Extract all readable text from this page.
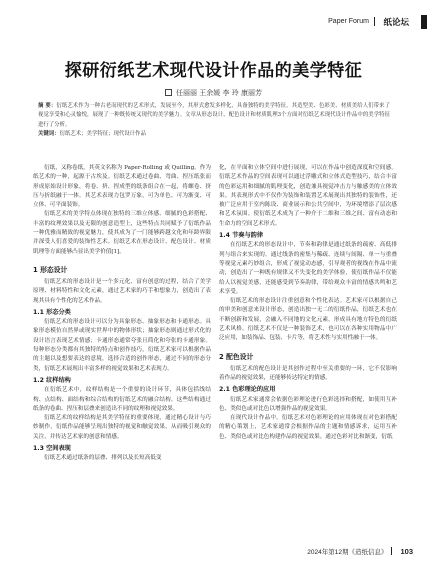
Paper Forum 纸论坛
探研衍纸艺术现代设计作品的美学特征
任丽丽 王余媛 李 玲 康丽芳

摘 要：衍纸艺术作为一种古老而现代的艺术形式，发展至今，其形式愈发多样化，具备独特的美学特征。其造型美、色彩美、材质美给人们带来了视觉享受和心灵愉悦，展现了一种既传统又现代的美学魅力。文章从形态设计、配色设计和材质肌理3个方面对衍纸艺术现代设计作品中的美学特征进行了分析。

关键词：衍纸艺术；美学特征；现代设计作品

衍纸，又称卷纸，其英文名称为 Paper-Rolling 或 Quilling。作为纸艺术的一种，起源于古埃及。衍纸艺术通过卷曲、弯曲、捏压纸张而形成原始设计形象，将卷、挤、捏成型的纸条组合在一起，将螺卷、挤压与折纸融于一体。其艺术表现力包罗万象，可为单色、可为渐变、可立体、可平面装饰。

衍纸艺术的美学特点体现在独特的三维立体感、细腻的色彩搭配、丰富的纹理效果以及无限的创意造型上，这些特点共同赋予了衍纸作品一种优雅而精致的视觉魅力，使其成为了一门能够跨越文化和年龄界限并深受人们喜爱的装饰性艺术。衍纸艺术在形态设计、配色设计、材质肌理等方面能够凸显出美学价值[1]。

1 形态设计

衍纸艺术的形态设计是一个多元化、富有创意的过程，结合了美学原理、材料特性和文化元素，通过艺术家的巧手和想象力，创造出了表现其具有个性化的艺术作品。

1.1 形态分类

衍纸艺术的形态设计可以分为具象形态、抽象形态和卡通形态。具象形态模仿自然界或现实世界中的物体形状；抽象形态则通过形式化的设计语言表现艺术情感；卡通形态通常夸张且简化和夸张的卡通形象。每种形态分类都有其独特的特点和创作技巧，衍纸艺术家可以根据作品的主题以及想要表达的意境，选择合适的创作形态，通过不同的形态分类，衍纸艺术展现出丰富多样的视觉效果和艺术表现力。

1.2 纹样结构

在衍纸艺术中，纹样结构是一个重要的设计环节，具体包括线结构、点结构、面结构和综合结构的衍纸艺术的融合结构。这些结构通过纸条的卷曲、捏压和层叠来创造出不同的纹理和视觉效果。

衍纸艺术的纹样结构是其美学特征的重要体现，通过精心设计与巧妙制作，衍纸作品能够呈现出独特的视觉和触觉效果，从而吸引观众的关注，并传达艺术家的创意和情感。

1.3 空间表现

衍纸艺术通过纸条的层叠、排列以及长短高低变

化，在平面和立体空间中进行展现，可以在作品中创造深度和空间感。衍纸艺术作品的空间表现可以通过浮雕式和立体式造型技巧，结合丰富的色彩运用和细腻的肌理变化，创造兼具视觉冲击力与触感美的立体效果。其表现形式中不仅作为装饰和装置艺术展现出其独特的装饰性，还被广泛应用于室内陈设、商业展示和公共空间中，为环境增添了层次感和艺术氛围。使衍纸艺术成为了一种介于二维和三维之间、富有动态和生命力的空间艺术形式。

1.4 节奏与韵律

在衍纸艺术的形态设计中，节奏和韵律是通过纸条的疏密、高低排列与组合来实现的。通过线条的密集与稀疏、连续与间隔、单一与重叠等视觉元素巧妙组合，形成了视觉动态感，引导观者的视线在作品中流动，创造出了一种既有规律又不失变化的美学体验，使衍纸作品不仅能给人以视觉美感，还能感受到节奏韵律，带给观众丰富的情感共鸣和艺术享受。

衍纸艺术的形态设计注重创意和个性化表达。艺术家可以根据自己的审美和创意来设计形态，创造出独一无二的衍纸作品，衍纸艺术也在不断创新和发展，会融入不同地的文化元素，形成具有地方特色的衍纸艺术风格。衍纸艺术不仅是一种装饰艺术，也可以在各种实用物品中广泛应用，如装饰品、包装、卡片等，将艺术性与实用性融于一体。

2 配色设计

衍纸艺术的配色设计是其创作过程中至关重要的一环，它不仅影响着作品的视觉效果，还能够传达特定的情感。

2.1 色彩理论的应用

衍纸艺术家通常会依据色彩理论进行色彩选择和搭配，如使用互补色、类似色或对比色以增强作品的视觉效果。

在现代设计作品中，衍纸艺术对色彩理论的应用体现在对色彩搭配的精心策划上，艺术家通常会根据作品的主题和情感诉求，运用互补色、类似色或对比色构建作品的视觉效果。通过色彩对比和渐变，衍纸

2024年第12期《造纸信息》 103
